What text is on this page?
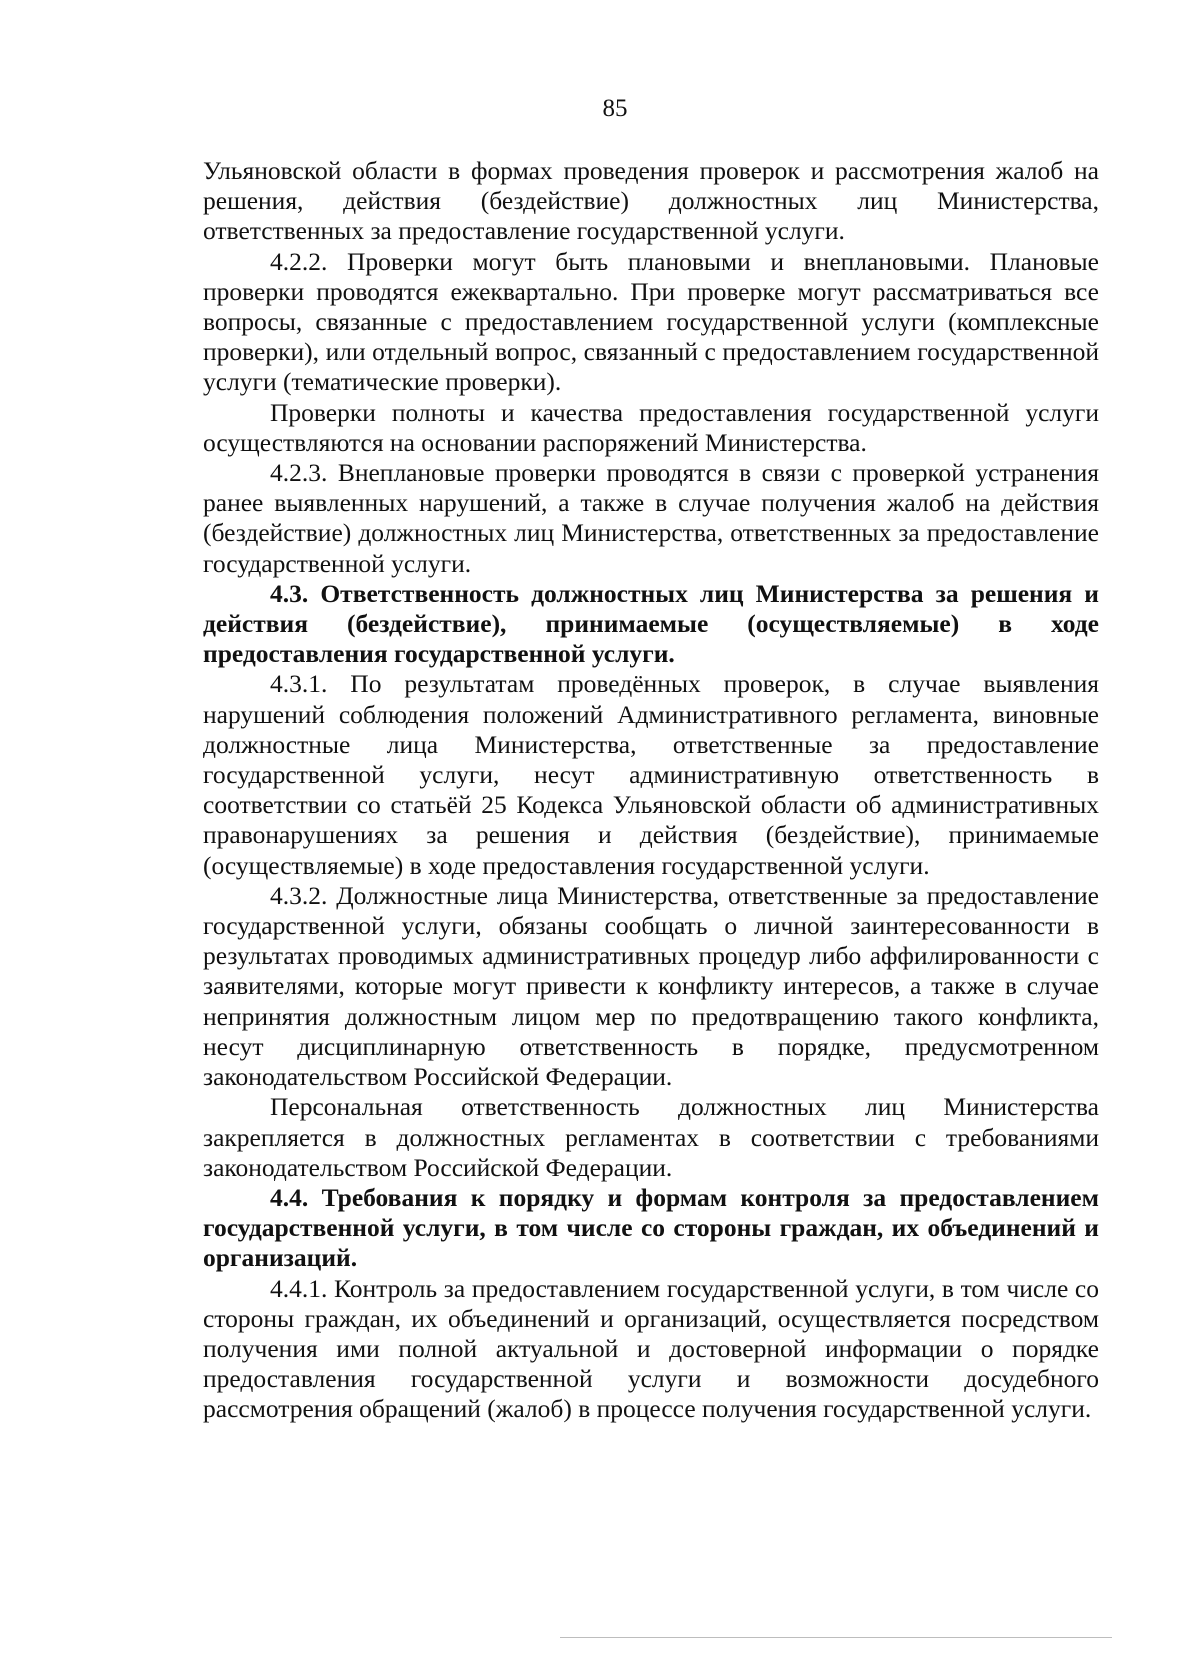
85

Ульяновской области в формах проведения проверок и рассмотрения жалоб на решения, действия (бездействие) должностных лиц Министерства, ответственных за предоставление государственной услуги.

4.2.2. Проверки могут быть плановыми и внеплановыми. Плановые проверки проводятся ежеквартально. При проверке могут рассматриваться все вопросы, связанные с предоставлением государственной услуги (комплексные проверки), или отдельный вопрос, связанный с предоставлением государственной услуги (тематические проверки).

Проверки полноты и качества предоставления государственной услуги осуществляются на основании распоряжений Министерства.

4.2.3. Внеплановые проверки проводятся в связи с проверкой устранения ранее выявленных нарушений, а также в случае получения жалоб на действия (бездействие) должностных лиц Министерства, ответственных за предоставление государственной услуги.

4.3. Ответственность должностных лиц Министерства за решения и действия (бездействие), принимаемые (осуществляемые) в ходе предоставления государственной услуги.

4.3.1. По результатам проведённых проверок, в случае выявления нарушений соблюдения положений Административного регламента, виновные должностные лица Министерства, ответственные за предоставление государственной услуги, несут административную ответственность в соответствии со статьёй 25 Кодекса Ульяновской области об административных правонарушениях за решения и действия (бездействие), принимаемые (осуществляемые) в ходе предоставления государственной услуги.

4.3.2. Должностные лица Министерства, ответственные за предоставление государственной услуги, обязаны сообщать о личной заинтересованности в результатах проводимых административных процедур либо аффилированности с заявителями, которые могут привести к конфликту интересов, а также в случае непринятия должностным лицом мер по предотвращению такого конфликта, несут дисциплинарную ответственность в порядке, предусмотренном законодательством Российской Федерации.

Персональная ответственность должностных лиц Министерства закрепляется в должностных регламентах в соответствии с требованиями законодательством Российской Федерации.

4.4. Требования к порядку и формам контроля за предоставлением государственной услуги, в том числе со стороны граждан, их объединений и организаций.

4.4.1. Контроль за предоставлением государственной услуги, в том числе со стороны граждан, их объединений и организаций, осуществляется посредством получения ими полной актуальной и достоверной информации о порядке предоставления государственной услуги и возможности досудебного рассмотрения обращений (жалоб) в процессе получения государственной услуги.
